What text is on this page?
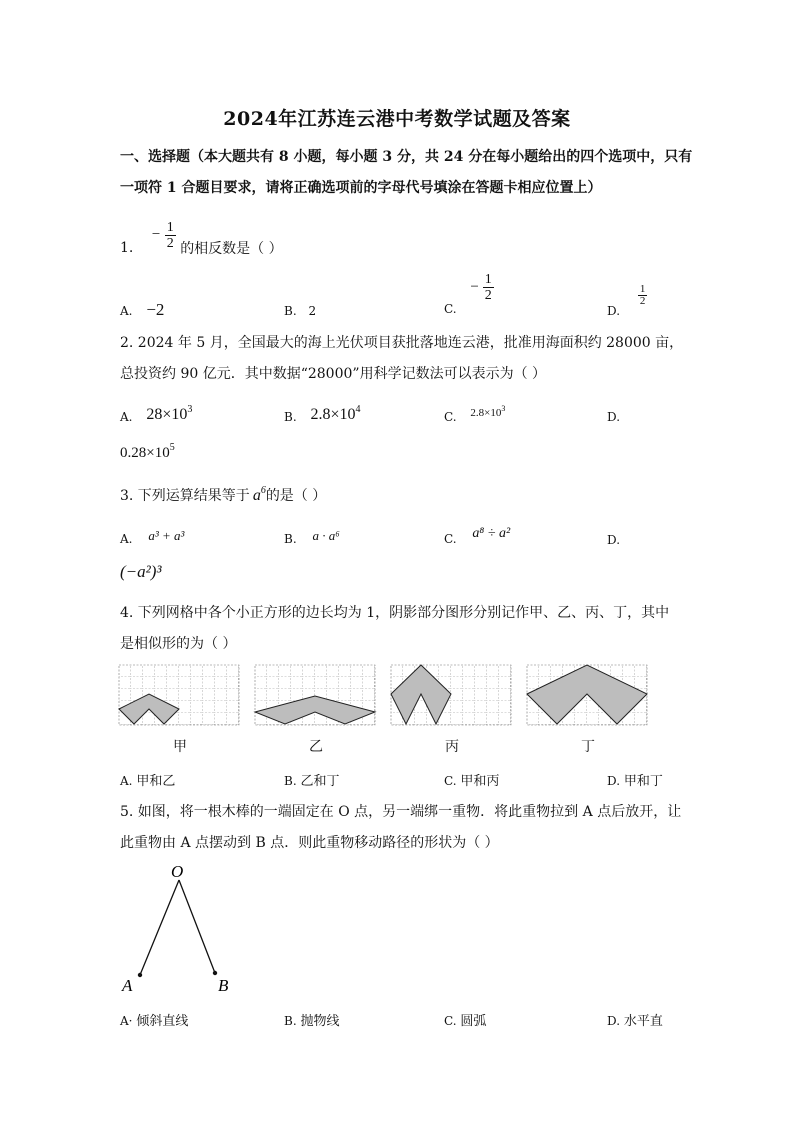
2024年江苏连云港中考数学试题及答案
一、选择题（本大题共有 8 小题，每小题 3 分，共 24 分在每小题给出的四个选项中，只有
一项符 1 合题目要求，请将正确选项前的字母代号填涂在答题卡相应位置上）
1. − $\frac{1}{2}$ 的相反数是（ ）
A. −2	B. 2	C. − $\frac{1}{2}$
D.
$\frac{1}{2}$
2. 2024 年 5 月，全国最大的海上光伏项目获批落地连云港，批准用海面积约 28000 亩，
总投资约 90 亿元．其中数据“28000”用科学记数法可以表示为（ ）
A. $28\times 10^3$
B. $2.8\times 10^4$
C. $2.8\times 10^3$
D.
$0.28\times 10^5$
3. 下列运算结果等于 $a^6$的是（ ）
A. a³ + a³	B. a · a⁶	C. a⁸ ÷ a²	D.
(−a²)³
4. 下列网格中各个小正方形的边长均为 1，阴影部分图形分别记作甲、乙、丙、丁，其中
是相似形的为（ ）
甲	乙	丙	丁
A. 甲和乙	B. 乙和丁	C. 甲和丙	D. 甲和丁
5. 如图，将一根木棒的一端固定在 O 点，另一端绑一重物．将此重物拉到 A 点后放开，让
此重物由 A 点摆动到 B 点．则此重物移动路径的形状为（ ）
O
A	B
A· 倾斜直线	B. 抛物线	C. 圆弧	D. 水平直
